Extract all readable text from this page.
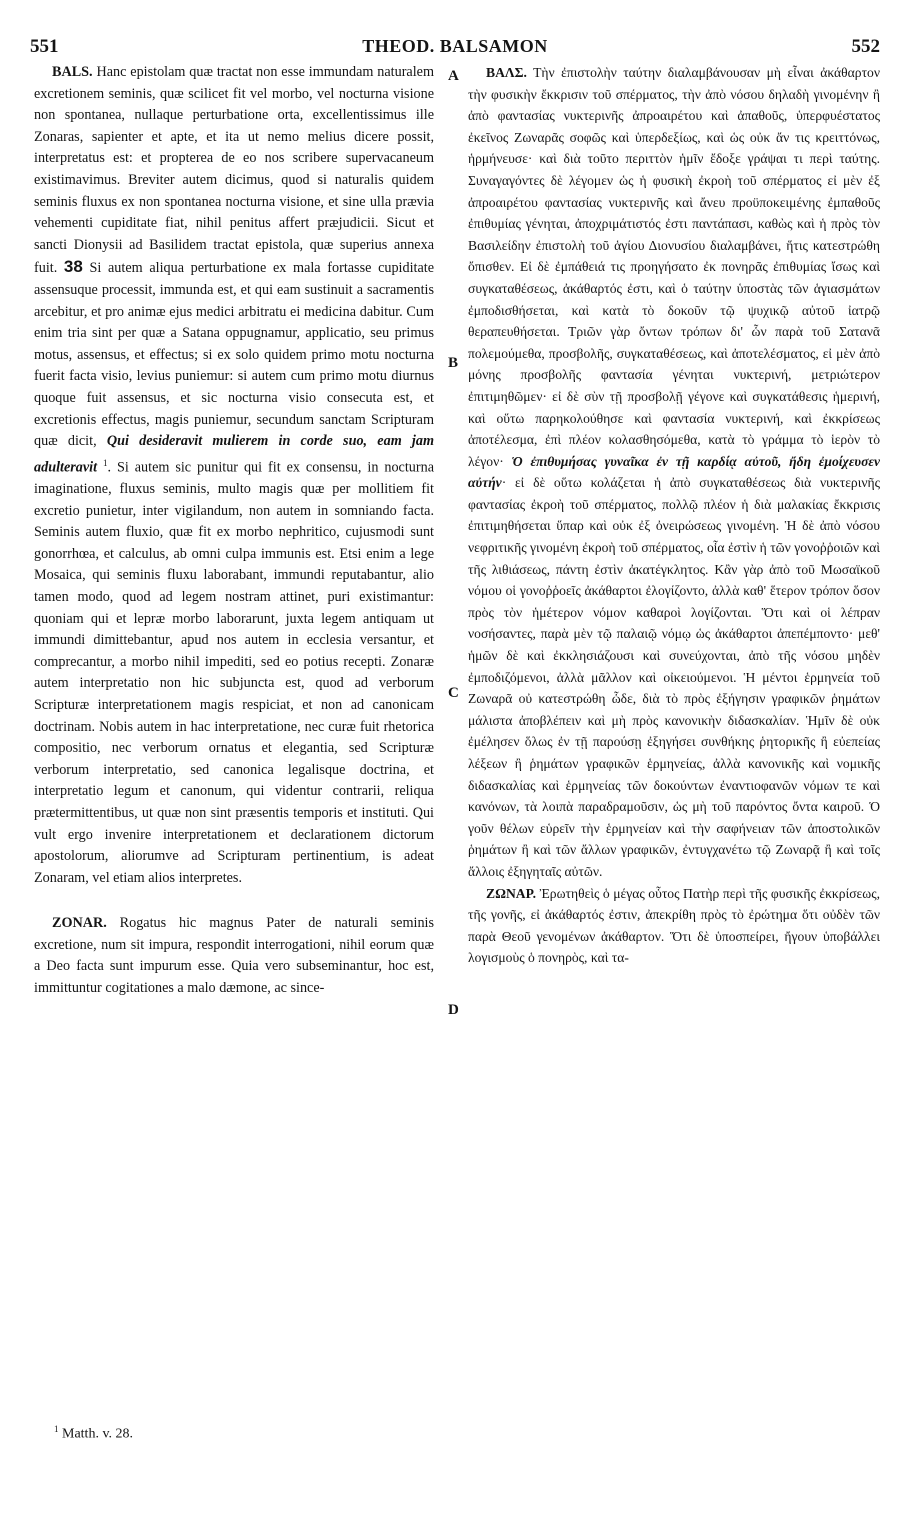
551	THEOD. BALSAMON	552

BALS. Hanc epistolam quæ tractat non esse immundam naturalem excretionem seminis, quæ scilicet fit vel morbo, vel nocturna visione non spontanea, nullaque perturbatione orta, excellentissimus ille Zonaras, sapienter et apte, et ita ut nemo melius dicere possit, interpretatus est: et propterea de eo nos scribere supervacaneum existimavimus. Breviter autem dicimus, quod si naturalis quidem seminis fluxus ex non spontanea nocturna visione, et sine ulla prævia vehementi cupiditate fiat, nihil penitus affert præjudicii. Sicut et sancti Dionysii ad Basilidem tractat epistola, quæ superius annexa fuit. 38 Si autem aliqua perturbatione ex mala fortasse cupiditate assensuque processit, immunda est, et qui eam sustinuit a sacramentis arcebitur, et pro animæ ejus medici arbitratu ei medicina dabitur. Cum enim tria sint per quæ a Satana oppugnamur, applicatio, seu primus motus, assensus, et effectus; si ex solo quidem primo motu nocturna fuerit facta visio, levius puniemur: si autem cum primo motu diurnus quoque fuit assensus, et sic nocturna visio consecuta est, et excretionis effectus, magis puniemur, secundum sanctam Scripturam quæ dicit, Qui desideravit mulierem in corde suo, eam jam adulteravit $^1$. Si autem sic punitur qui fit ex consensu, in nocturna imaginatione, fluxus seminis, multo magis quæ per mollitiem fit excretio punietur, inter vigilandum, non autem in somniando facta. Seminis autem fluxio, quæ fit ex morbo nephritico, cujusmodi sunt gonorrhœa, et calculus, ab omni culpa immunis est. Etsi enim a lege Mosaica, qui seminis fluxu laborabant, immundi reputabantur, alio tamen modo, quod ad legem nostram attinet, puri existimantur: quoniam qui et lepræ morbo laborarunt, juxta legem antiquam ut immundi dimittebantur, apud nos autem in ecclesia versantur, et comprecantur, a morbo nihil impediti, sed eo potius recepti. Zonaræ autem interpretatio non hic subjuncta est, quod ad verborum Scripturæ interpretationem magis respiciat, et non ad canonicam doctrinam. Nobis autem in hac interpretatione, nec curæ fuit rhetorica compositio, nec verborum ornatus et elegantia, sed Scripturæ verborum interpretatio, sed canonica legalisque doctrina, et interpretatio legum et canonum, qui videntur contrarii, reliqua prætermittentibus, ut quæ non sint præsentis temporis et instituti. Qui vult ergo invenire interpretationem et declarationem dictorum apostolorum, aliorumve ad Scripturam pertinentium, is adeat Zonaram, vel etiam alios interpretes.

ZONAR. Rogatus hic magnus Pater de naturali seminis excretione, num sit impura, respondit interrogationi, nihil eorum quæ a Deo facta sunt impurum esse. Quia vero subseminantur, hoc est, immittuntur cogitationes a malo dæmone, ac since-

A
B
C
D

ΒΑΛΣ. Τὴν ἐπιστολὴν ταύτην διαλαμβάνουσαν μὴ εἶναι ἀκάθαρτον τὴν φυσικὴν ἔκκρισιν τοῦ σπέρματος, τὴν ἀπὸ νόσου δηλαδὴ γινομένην ἢ ἀπὸ φαντασίας νυκτερινῆς ἀπροαιρέτου καὶ ἀπαθοῦς, ὑπερφυέστατος ἐκεῖνος Ζωναρᾶς σοφῶς καὶ ὑπερδεξίως, καὶ ὡς οὐκ ἄν τις κρειττόνως, ἡρμήνευσε· καὶ διὰ τοῦτο περιττὸν ἡμῖν ἔδοξε γράψαι τι περὶ ταύτης. Συναγαγόντες δὲ λέγομεν ὡς ἡ φυσικὴ ἐκροὴ τοῦ σπέρματος εἰ μὲν ἐξ ἀπροαιρέτου φαντασίας νυκτερινῆς καὶ ἄνευ προϋποκειμένης ἐμπαθοῦς ἐπιθυμίας γένηται, ἀποχριμάτιστός ἐστι παντάπασι, καθὼς καὶ ἡ πρὸς τὸν Βασιλείδην ἐπιστολὴ τοῦ ἁγίου Διονυσίου διαλαμβάνει, ἥτις κατεστρώθη ὄπισθεν. Εἰ δὲ ἐμπάθειά τις προηγήσατο ἐκ πονηρᾶς ἐπιθυμίας ἴσως καὶ συγκαταθέσεως, ἀκάθαρτός ἐστι, καὶ ὁ ταύτην ὑποστὰς τῶν ἁγιασμάτων ἐμποδισθήσεται, καὶ κατὰ τὸ δοκοῦν τῷ ψυχικῷ αὐτοῦ ἰατρῷ θεραπευθήσεται. Τριῶν γὰρ ὄντων τρόπων δι' ὧν παρὰ τοῦ Σατανᾶ πολεμούμεθα, προσβολῆς, συγκαταθέσεως, καὶ ἀποτελέσματος, εἰ μὲν ἀπὸ μόνης προσβολῆς φαντασία γένηται νυκτερινή, μετριώτερον ἐπιτιμηθῶμεν· εἰ δὲ σὺν τῇ προσβολῇ γέγονε καὶ συγκατάθεσις ἡμερινή, καὶ οὕτω παρηκολούθησε καὶ φαντασία νυκτερινή, καὶ ἐκκρίσεως ἀποτέλεσμα, ἐπὶ πλέον κολασθησόμεθα, κατὰ τὸ γράμμα τὸ ἱερὸν τὸ λέγον· Ὁ ἐπιθυμήσας γυναῖκα ἐν τῇ καρδίᾳ αὐτοῦ, ἤδη ἐμοίχευσεν αὐτήν· εἰ δὲ οὕτω κολάζεται ἡ ἀπὸ συγκαταθέσεως διὰ νυκτερινῆς φαντασίας ἐκροὴ τοῦ σπέρματος, πολλῷ πλέον ἡ διὰ μαλακίας ἔκκρισις ἐπιτιμηθήσεται ὕπαρ καὶ οὐκ ἐξ ὀνειρώσεως γινομένη. Ἡ δὲ ἀπὸ νόσου νεφριτικῆς γινομένη ἐκροὴ τοῦ σπέρματος, οἷα ἐστὶν ἡ τῶν γονοῤῥοιῶν καὶ τῆς λιθιάσεως, πάντη ἐστὶν ἀκατέγκλητος. Κἂν γὰρ ἀπὸ τοῦ Μωσαϊκοῦ νόμου οἱ γονοῤῥοεῖς ἀκάθαρτοι ἐλογίζοντο, ἀλλὰ καθ' ἕτερον τρόπον ὅσον πρὸς τὸν ἡμέτερον νόμον καθαροὶ λογίζονται. Ὅτι καὶ οἱ λέπραν νοσήσαντες, παρὰ μὲν τῷ παλαιῷ νόμῳ ὡς ἀκάθαρτοι ἀπεπέμποντο· μεθ' ἡμῶν δὲ καὶ ἐκκλησιάζουσι καὶ συνεύχονται, ἀπὸ τῆς νόσου μηδὲν ἐμποδιζόμενοι, ἀλλὰ μᾶλλον καὶ οἰκειούμενοι. Ἡ μέντοι ἑρμηνεία τοῦ Ζωναρᾶ οὐ κατεστρώθη ὧδε, διὰ τὸ πρὸς ἐξήγησιν γραφικῶν ῥημάτων μάλιστα ἀποβλέπειν καὶ μὴ πρὸς κανονικὴν διδασκαλίαν. Ἡμῖν δὲ οὐκ ἐμέλησεν ὅλως ἐν τῇ παρούσῃ ἐξηγήσει συνθήκης ῥητορικῆς ἢ εὐεπείας λέξεων ἢ ῥημάτων γραφικῶν ἑρμηνείας, ἀλλὰ κανονικῆς καὶ νομικῆς διδασκαλίας καὶ ἑρμηνείας τῶν δοκούντων ἐναντιοφανῶν νόμων τε καὶ κανόνων, τὰ λοιπὰ παραδραμοῦσιν, ὡς μὴ τοῦ παρόντος ὄντα καιροῦ. Ὁ γοῦν θέλων εὑρεῖν τὴν ἑρμηνείαν καὶ τὴν σαφήνειαν τῶν ἀποστολικῶν ῥημάτων ἢ καὶ τῶν ἄλλων γραφικῶν, ἐντυγχανέτω τῷ Ζωναρᾷ ἢ καὶ τοῖς ἄλλοις ἐξηγηταῖς αὐτῶν.

ΖΩΝΑΡ. Ἐρωτηθεὶς ὁ μέγας οὗτος Πατὴρ περὶ τῆς φυσικῆς ἐκκρίσεως, τῆς γονῆς, εἰ ἀκάθαρτός ἐστιν, ἀπεκρίθη πρὸς τὸ ἐρώτημα ὅτι οὐδὲν τῶν παρὰ Θεοῦ γενομένων ἀκάθαρτον. Ὅτι δὲ ὑποσπείρει, ἤγουν ὑποβάλλει λογισμοὺς ὁ πονηρὸς, καὶ τα-

$^1$ Matth. v. 28.
